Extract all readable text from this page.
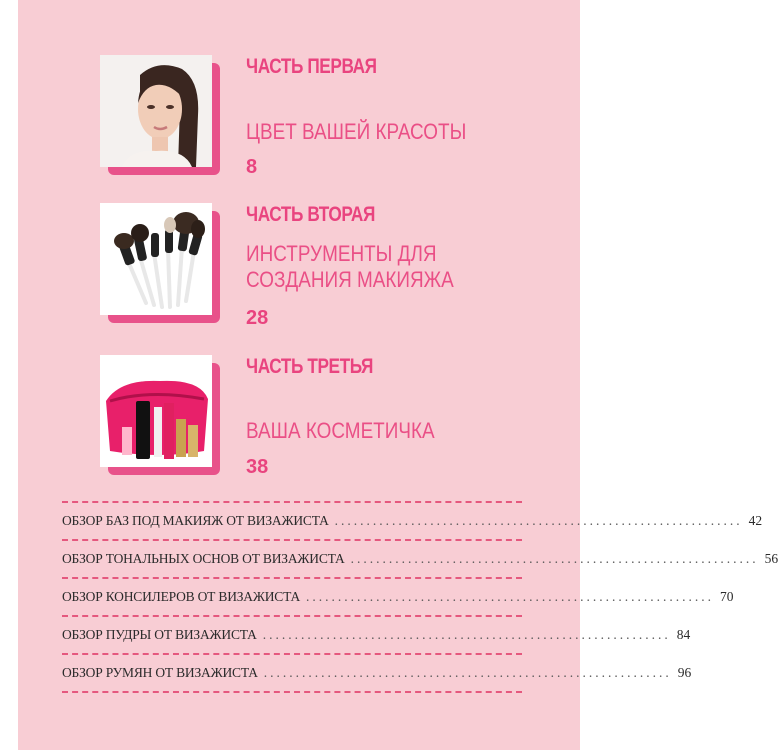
ЧАСТЬ ПЕРВАЯ
ЦВЕТ ВАШЕЙ КРАСОТЫ
8
ЧАСТЬ ВТОРАЯ
ИНСТРУМЕНТЫ ДЛЯ
СОЗДАНИЯ МАКИЯЖА
28
ЧАСТЬ ТРЕТЬЯ
ВАША КОСМЕТИЧКА
38
ОБЗОР БАЗ ПОД МАКИЯЖ ОТ ВИЗАЖИСТА ................................................................ 42
ОБЗОР ТОНАЛЬНЫХ ОСНОВ ОТ ВИЗАЖИСТА ................................................................ 56
ОБЗОР КОНСИЛЕРОВ ОТ ВИЗАЖИСТА ................................................................ 70
ОБЗОР ПУДРЫ ОТ ВИЗАЖИСТА ................................................................ 84
ОБЗОР РУМЯН ОТ ВИЗАЖИСТА ................................................................ 96
